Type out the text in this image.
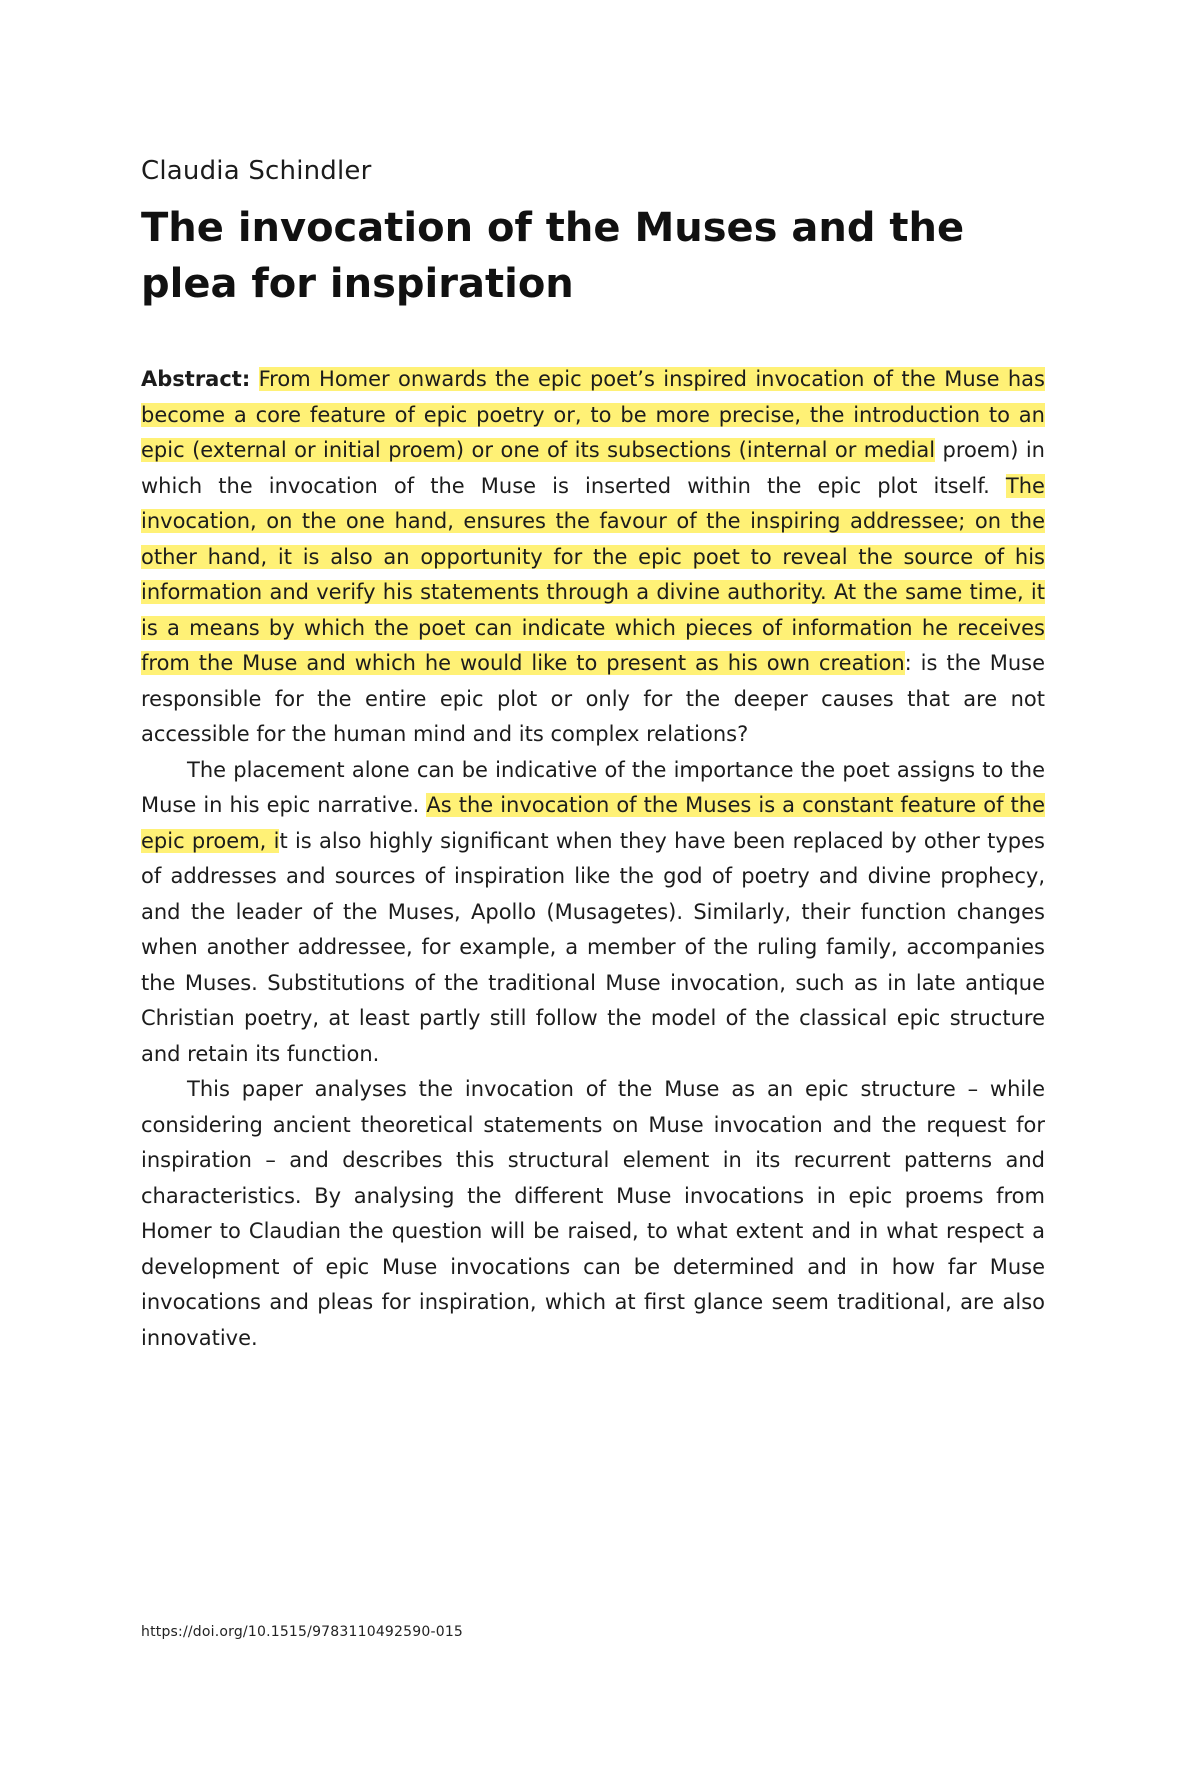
Claudia Schindler
The invocation of the Muses and the plea for inspiration

Abstract: From Homer onwards the epic poet’s inspired invocation of the Muse has become a core feature of epic poetry or, to be more precise, the introduction to an epic (external or initial proem) or one of its subsections (internal or medial proem) in which the invocation of the Muse is inserted within the epic plot itself. The invocation, on the one hand, ensures the favour of the inspiring addressee; on the other hand, it is also an opportunity for the epic poet to reveal the source of his information and verify his statements through a divine authority. At the same time, it is a means by which the poet can indicate which pieces of information he receives from the Muse and which he would like to present as his own creation: is the Muse responsible for the entire epic plot or only for the deeper causes that are not accessible for the human mind and its complex relations?

The placement alone can be indicative of the importance the poet assigns to the Muse in his epic narrative. As the invocation of the Muses is a constant feature of the epic proem, it is also highly significant when they have been replaced by other types of addresses and sources of inspiration like the god of poetry and divine prophecy, and the leader of the Muses, Apollo (Musagetes). Similarly, their function changes when another addressee, for example, a member of the ruling family, accompanies the Muses. Substitutions of the traditional Muse invocation, such as in late antique Christian poetry, at least partly still follow the model of the classical epic structure and retain its function.

This paper analyses the invocation of the Muse as an epic structure – while considering ancient theoretical statements on Muse invocation and the request for inspiration – and describes this structural element in its recurrent patterns and characteristics. By analysing the different Muse invocations in epic proems from Homer to Claudian the question will be raised, to what extent and in what respect a development of epic Muse invocations can be determined and in how far Muse invocations and pleas for inspiration, which at first glance seem traditional, are also innovative.

https://doi.org/10.1515/9783110492590-015
